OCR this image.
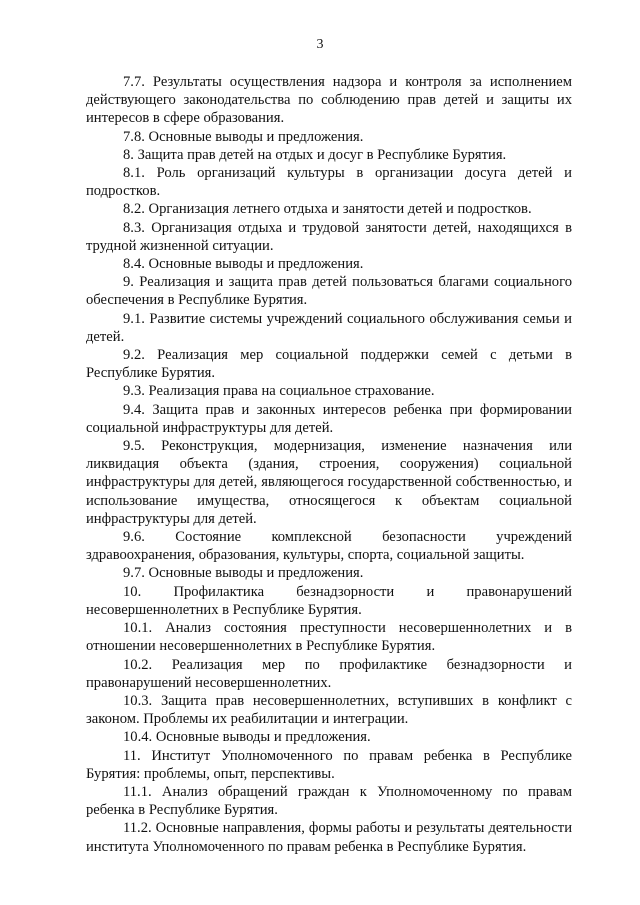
3

7.7. Результаты осуществления надзора и контроля за исполнением действующего законодательства по соблюдению прав детей и защиты их интересов в сфере образования.

7.8. Основные выводы и предложения.

8. Защита прав детей на отдых и досуг в Республике Бурятия.

8.1. Роль организаций культуры в организации досуга детей и подростков.

8.2. Организация летнего отдыха и занятости детей и подростков.

8.3. Организация отдыха и трудовой занятости детей, находящихся в трудной жизненной ситуации.

8.4. Основные выводы и предложения.

9. Реализация и защита прав детей пользоваться благами социального обеспечения в Республике Бурятия.

9.1. Развитие системы учреждений социального обслуживания семьи и детей.

9.2. Реализация мер социальной поддержки семей с детьми в Республике Бурятия.

9.3. Реализация права на социальное страхование.

9.4. Защита прав и законных интересов ребенка при формировании социальной инфраструктуры для детей.

9.5. Реконструкция, модернизация, изменение назначения или ликвидация объекта (здания, строения, сооружения) социальной инфраструктуры для детей, являющегося государственной собственностью, и использование имущества, относящегося к объектам социальной инфраструктуры для детей.

9.6. Состояние комплексной безопасности учреждений здравоохранения, образования, культуры, спорта, социальной защиты.

9.7. Основные выводы и предложения.

10. Профилактика безнадзорности и правонарушений несовершеннолетних в Республике Бурятия.

10.1. Анализ состояния преступности несовершеннолетних и в отношении несовершеннолетних в Республике Бурятия.

10.2. Реализация мер по профилактике безнадзорности и правонарушений несовершеннолетних.

10.3. Защита прав несовершеннолетних, вступивших в конфликт с законом. Проблемы их реабилитации и интеграции.

10.4. Основные выводы и предложения.

11. Институт Уполномоченного по правам ребенка в Республике Бурятия: проблемы, опыт, перспективы.

11.1. Анализ обращений граждан к Уполномоченному по правам ребенка в Республике Бурятия.

11.2. Основные направления, формы работы и результаты деятельности института Уполномоченного по правам ребенка в Республике Бурятия.
